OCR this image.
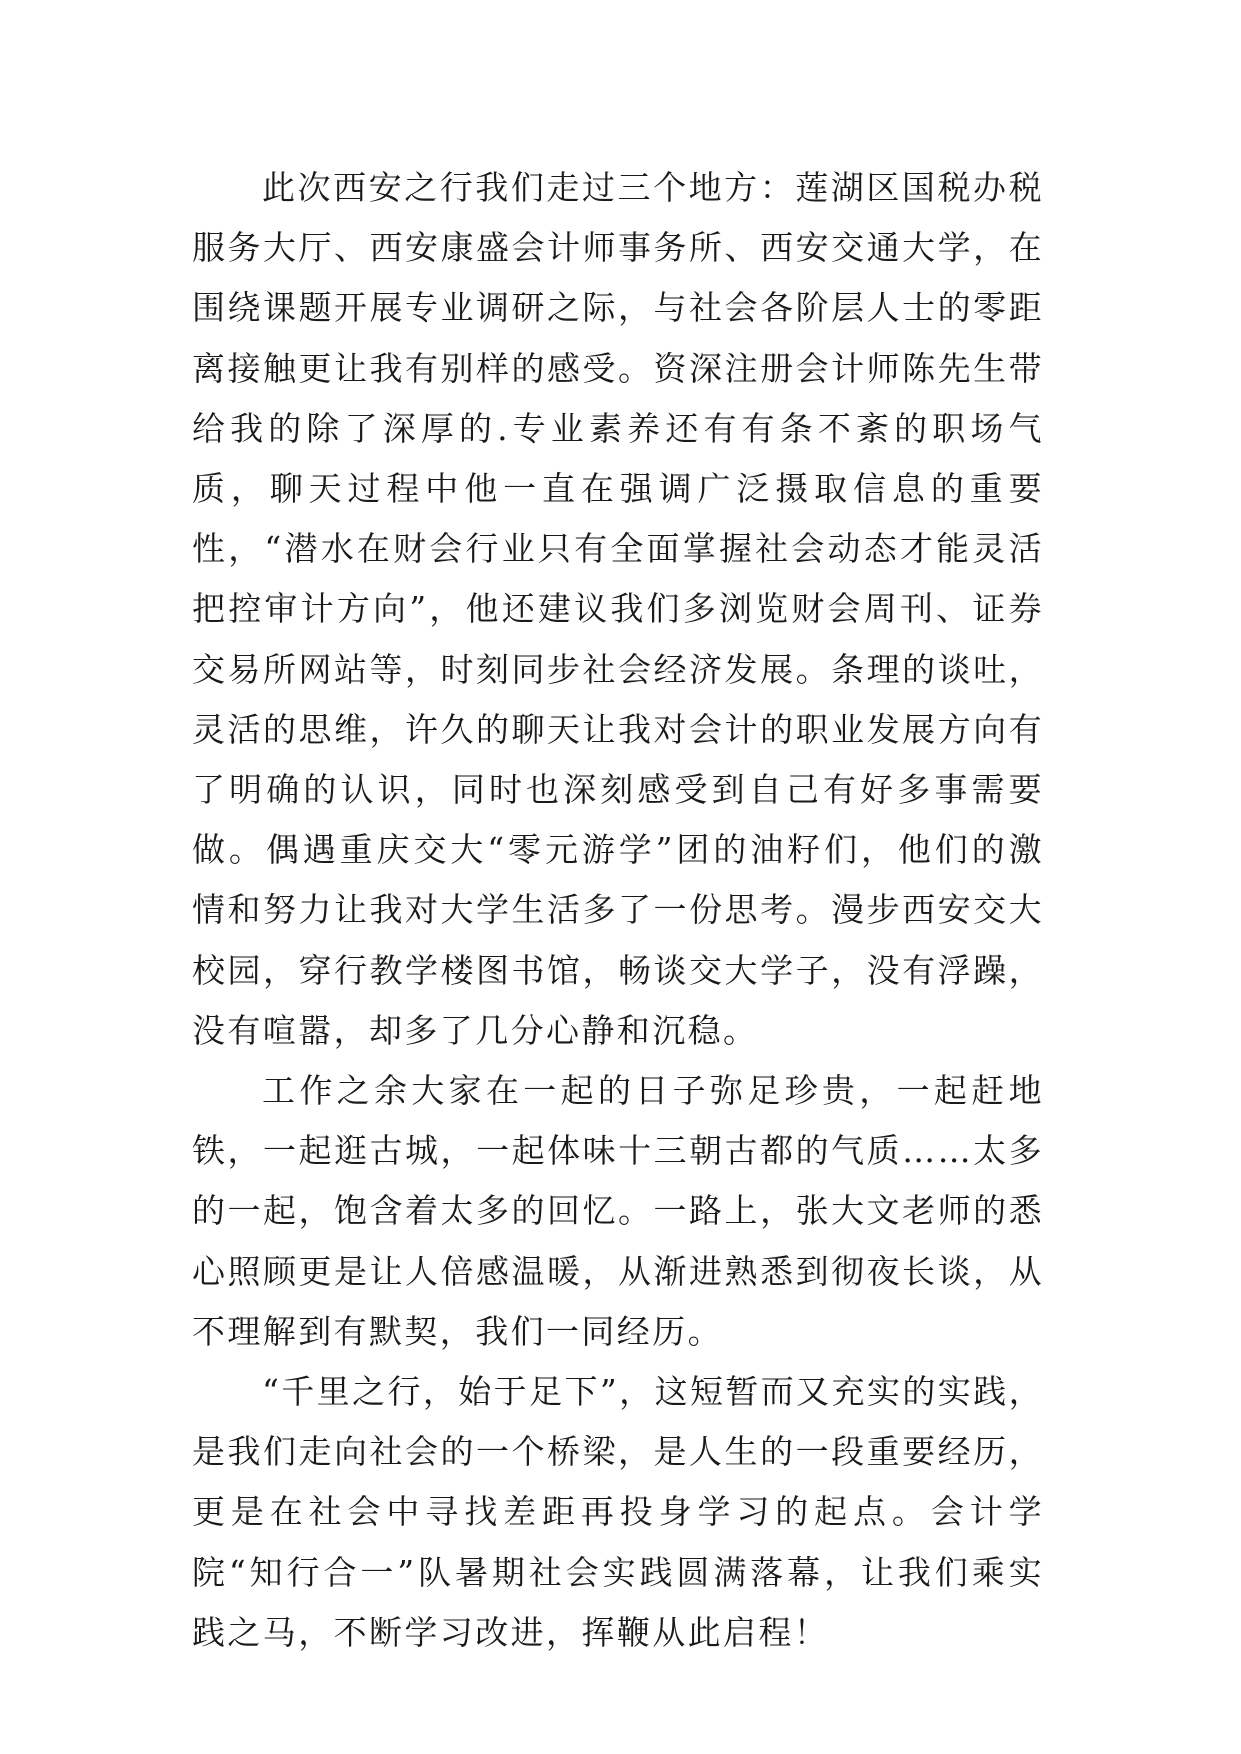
此次西安之行我们走过三个地方：莲湖区国税办税服务大厅、西安康盛会计师事务所、西安交通大学，在围绕课题开展专业调研之际，与社会各阶层人士的零距离接触更让我有别样的感受。资深注册会计师陈先生带给我的除了深厚的.专业素养还有有条不紊的职场气质，聊天过程中他一直在强调广泛摄取信息的重要性，“潜水在财会行业只有全面掌握社会动态才能灵活把控审计方向”，他还建议我们多浏览财会周刊、证券交易所网站等，时刻同步社会经济发展。条理的谈吐，灵活的思维，许久的聊天让我对会计的职业发展方向有了明确的认识，同时也深刻感受到自己有好多事需要做。偶遇重庆交大“零元游学”团的油籽们，他们的激情和努力让我对大学生活多了一份思考。漫步西安交大校园，穿行教学楼图书馆，畅谈交大学子，没有浮躁，没有喧嚣，却多了几分心静和沉稳。

工作之余大家在一起的日子弥足珍贵，一起赶地铁，一起逛古城，一起体味十三朝古都的气质……太多的一起，饱含着太多的回忆。一路上，张大文老师的悉心照顾更是让人倍感温暖，从渐进熟悉到彻夜长谈，从不理解到有默契，我们一同经历。

“千里之行，始于足下”，这短暂而又充实的实践，是我们走向社会的一个桥梁，是人生的一段重要经历，更是在社会中寻找差距再投身学习的起点。会计学院“知行合一”队暑期社会实践圆满落幕，让我们乘实践之马，不断学习改进，挥鞭从此启程！
